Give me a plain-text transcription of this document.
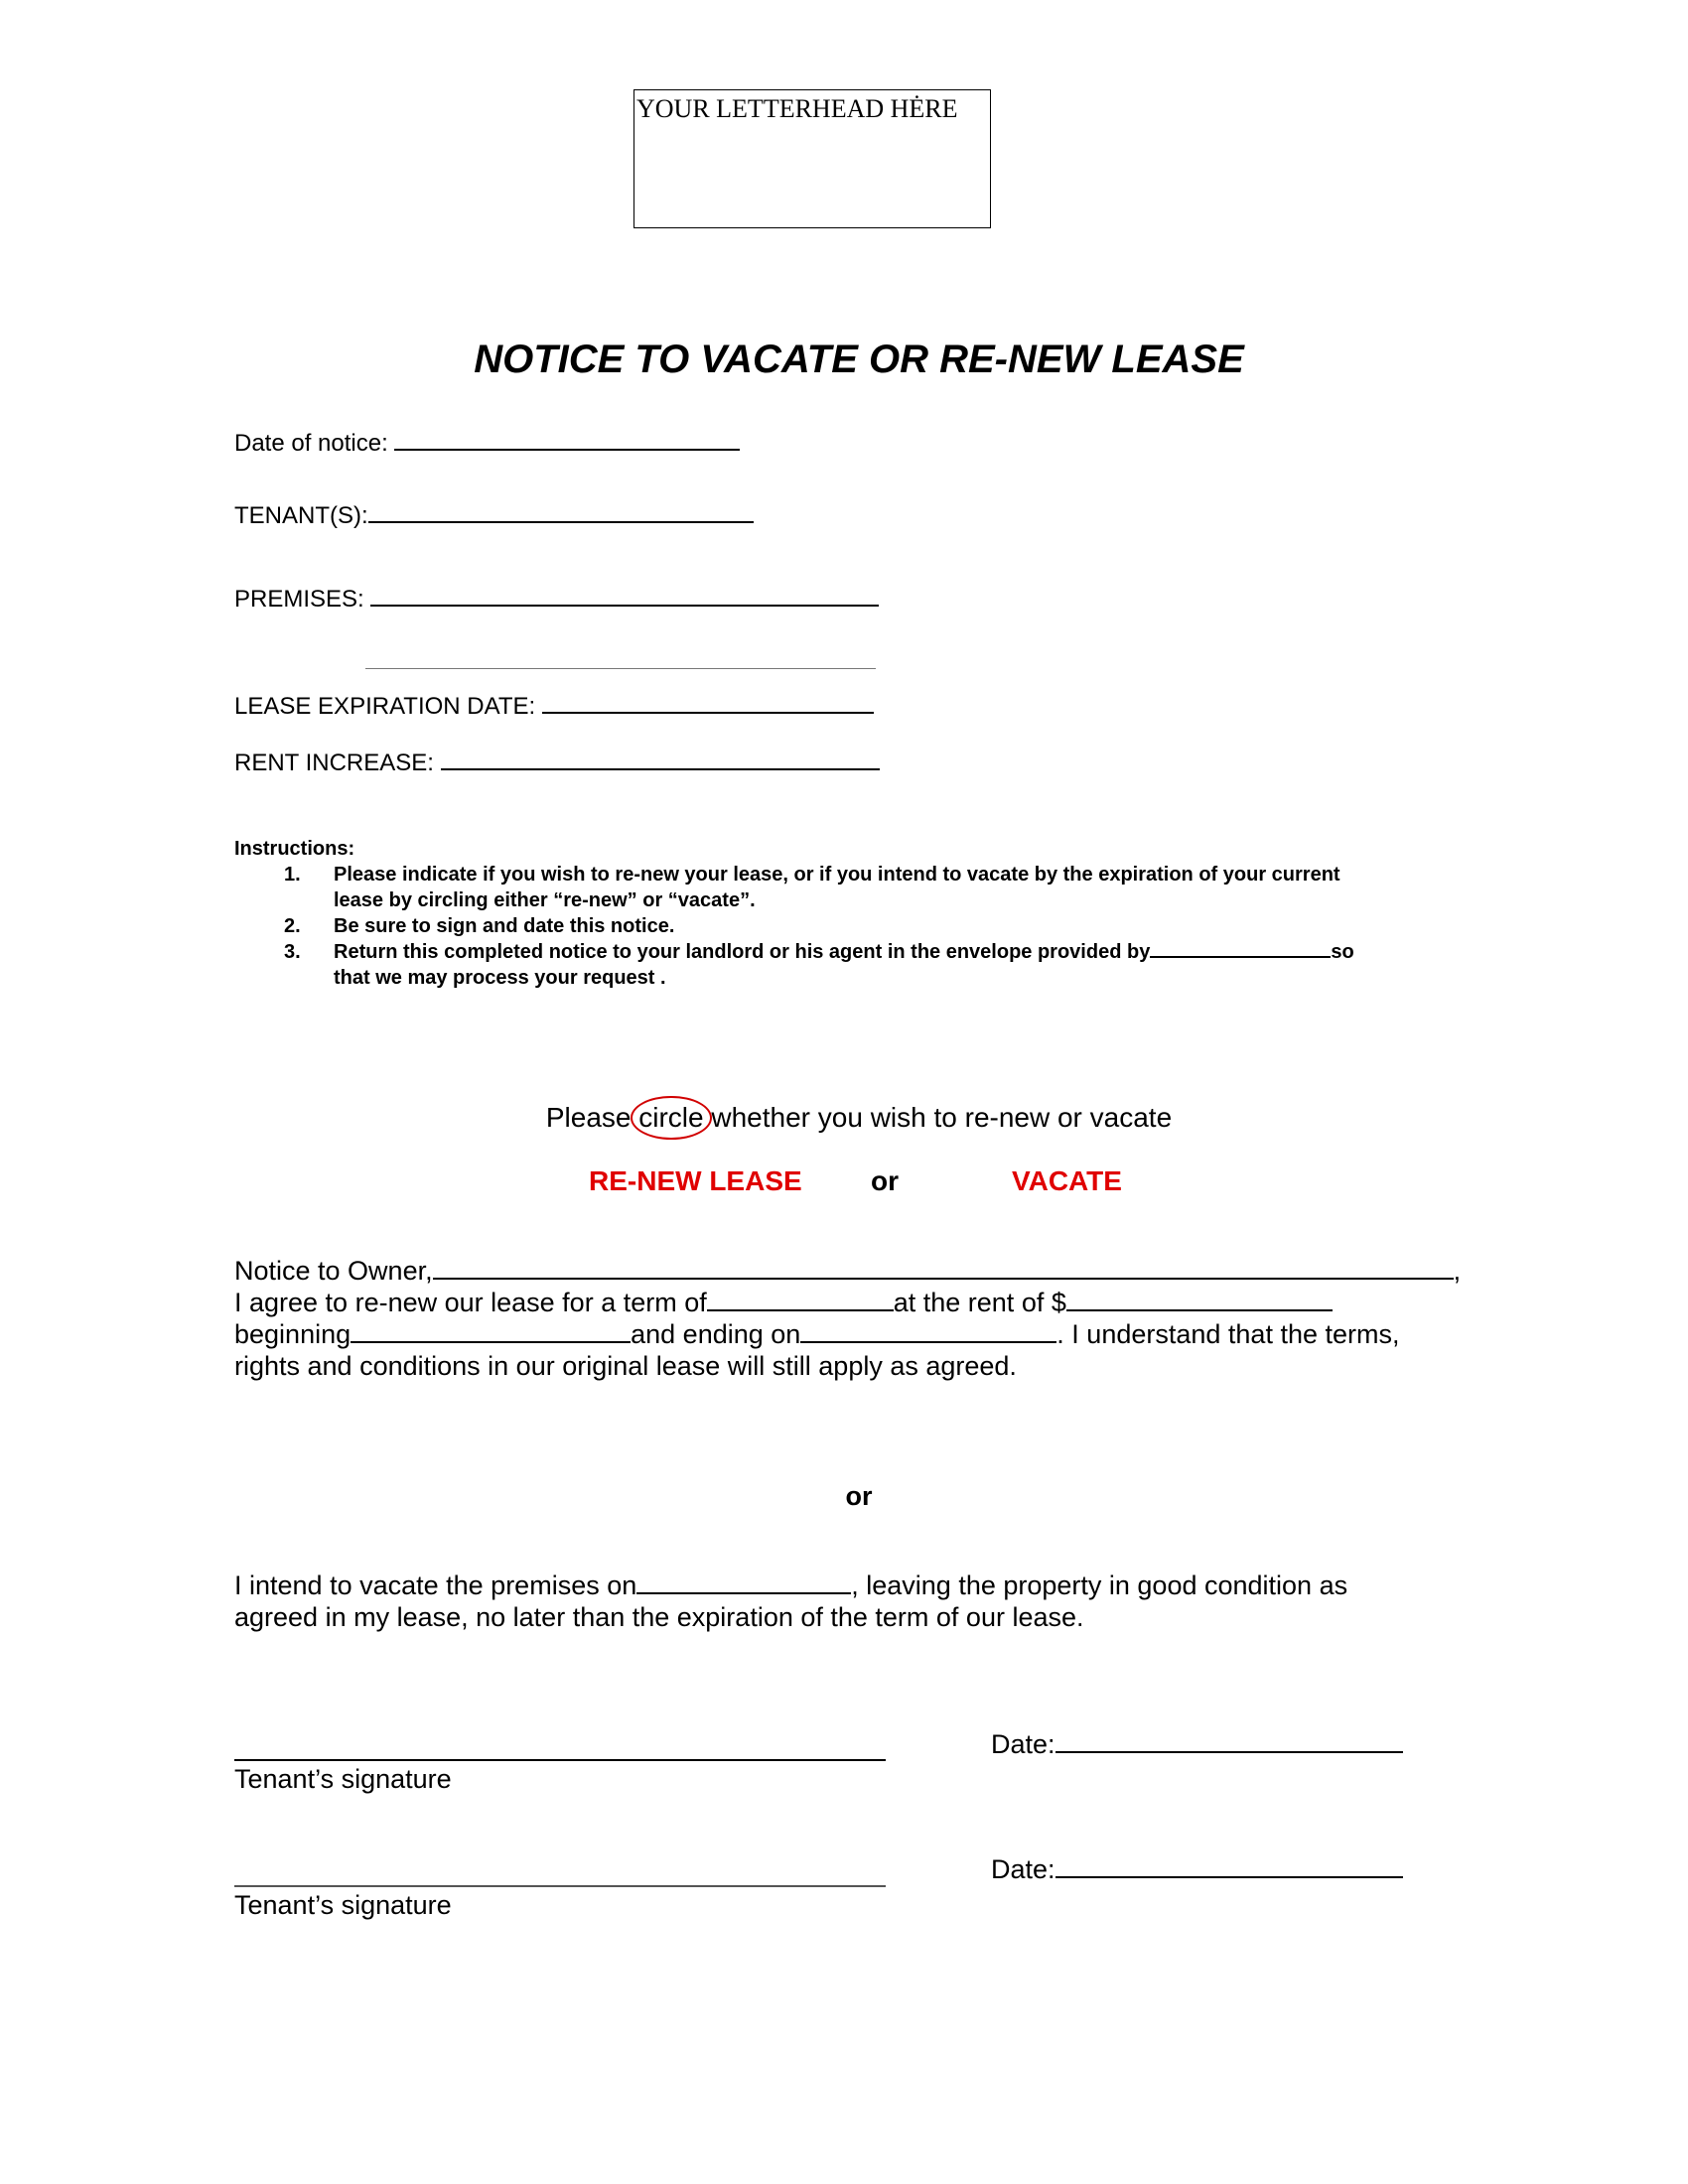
YOUR LETTERHEAD HĖRE
NOTICE TO VACATE OR RE-NEW LEASE
Date of notice:
TENANT(S):
PREMISES:
LEASE EXPIRATION DATE:
RENT INCREASE:
Instructions:
1. Please indicate if you wish to re-new your lease, or if you intend to vacate by the expiration of your current
lease by circling either “re-new” or “vacate”.
2. Be sure to sign and date this notice.
3. Return this completed notice to your landlord or his agent in the envelope provided by	so
that we may process your request .
Please circle whether you wish to re-new or vacate
RE-NEW LEASE or	VACATE
Notice to Owner,	,
I agree to re-new our lease for a term of	at the rent of $
beginning	and ending on	. I understand that the terms,
rights and conditions in our original lease will still apply as agreed.
or
I intend to vacate the premises on	, leaving the property in good condition as
agreed in my lease, no later than the expiration of the term of our lease.
Tenant’s signature
Date:
Tenant’s signature
Date:
